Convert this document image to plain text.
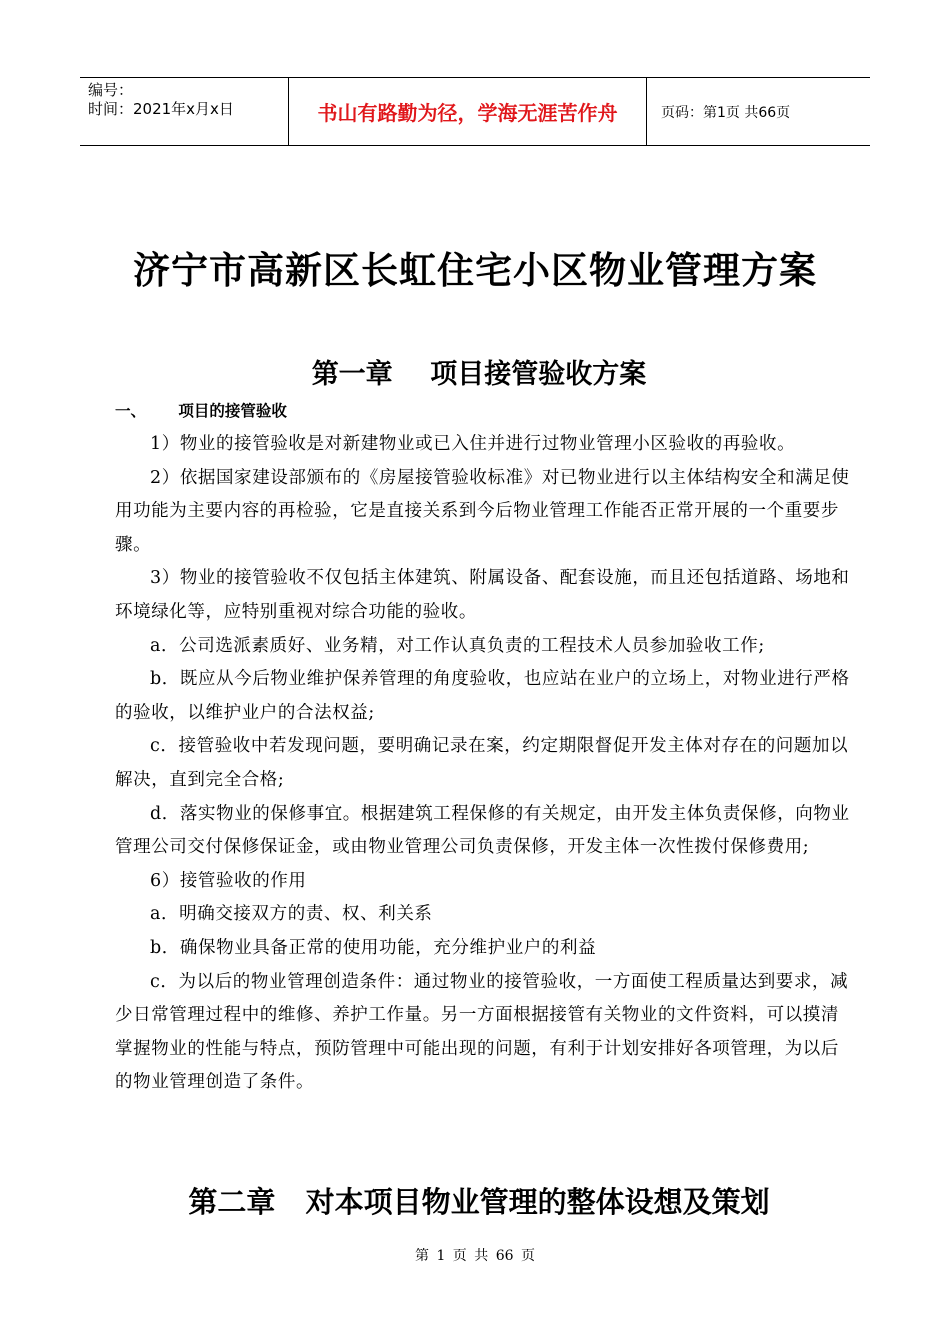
编号：
时间：2021年x月x日	书山有路勤为径，学海无涯苦作舟	页码：第1页 共66页
济宁市高新区长虹住宅小区物业管理方案
第一章    项目接管验收方案
一、      项目的接管验收

1）物业的接管验收是对新建物业或已入住并进行过物业管理小区验收的再验收。

2）依据国家建设部颁布的《房屋接管验收标准》对已物业进行以主体结构安全和满足使用功能为主要内容的再检验，它是直接关系到今后物业管理工作能否正常开展的一个重要步骤。

3）物业的接管验收不仅包括主体建筑、附属设备、配套设施，而且还包括道路、场地和环境绿化等，应特别重视对综合功能的验收。

a．公司选派素质好、业务精，对工作认真负责的工程技术人员参加验收工作;

b．既应从今后物业维护保养管理的角度验收，也应站在业户的立场上，对物业进行严格的验收，以维护业户的合法权益;

c．接管验收中若发现问题，要明确记录在案，约定期限督促开发主体对存在的问题加以解决，直到完全合格;

d．落实物业的保修事宜。根据建筑工程保修的有关规定，由开发主体负责保修，向物业管理公司交付保修保证金，或由物业管理公司负责保修，开发主体一次性拨付保修费用;

6）接管验收的作用

a．明确交接双方的责、权、利关系

b．确保物业具备正常的使用功能，充分维护业户的利益

c．为以后的物业管理创造条件：通过物业的接管验收，一方面使工程质量达到要求，减少日常管理过程中的维修、养护工作量。另一方面根据接管有关物业的文件资料，可以摸清掌握物业的性能与特点，预防管理中可能出现的问题，有利于计划安排好各项管理，为以后的物业管理创造了条件。

第二章   对本项目物业管理的整体设想及策划
第 1 页 共 66 页
